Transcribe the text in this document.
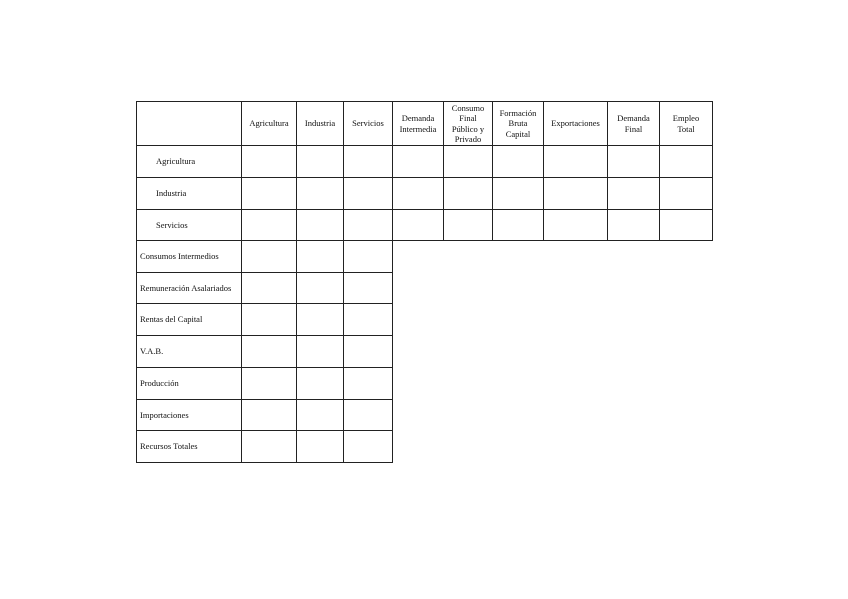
Agricultura	Industria	Servicios
Demanda Intermedia
Consumo Final Público y Privado
Formación Bruta Capital
Exportaciones
Demanda Final
Empleo Total
Agricultura
Industria
Servicios
Consumos Intermedios
Remuneración Asalariados
Rentas del Capital
V.A.B.
Producción
Importaciones
Recursos Totales
